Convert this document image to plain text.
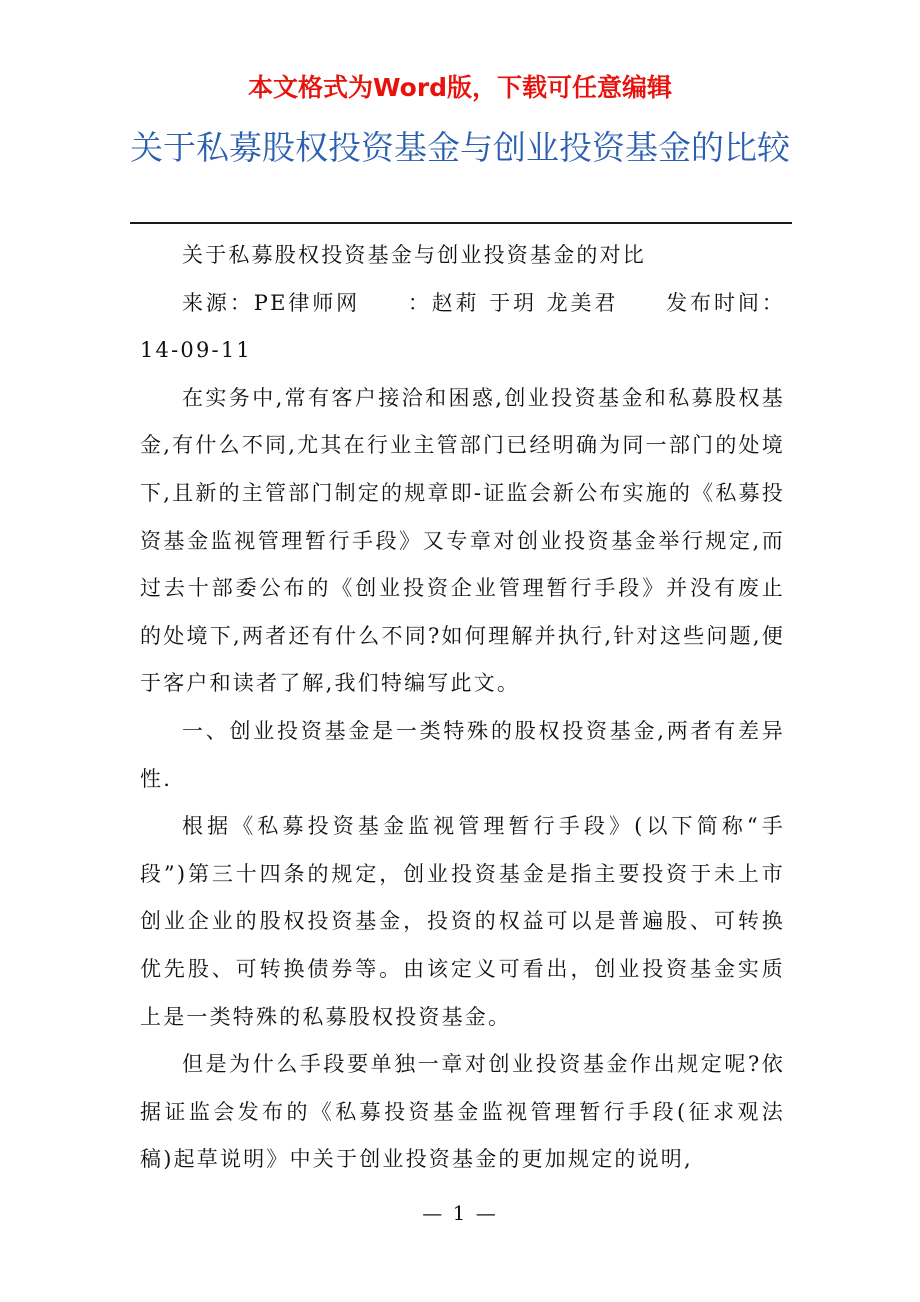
本文格式为Word版，下载可任意编辑
关于私募股权投资基金与创业投资基金的比较

关于私募股权投资基金与创业投资基金的对比

来源：PE律师网　　：赵莉 于玥 龙美君　　发布时间：14-09-11

在实务中,常有客户接洽和困惑,创业投资基金和私募股权基金,有什么不同,尤其在行业主管部门已经明确为同一部门的处境下,且新的主管部门制定的规章即-证监会新公布实施的《私募投资基金监视管理暂行手段》又专章对创业投资基金举行规定,而过去十部委公布的《创业投资企业管理暂行手段》并没有废止的处境下,两者还有什么不同?如何理解并执行,针对这些问题,便于客户和读者了解,我们特编写此文。

一、创业投资基金是一类特殊的股权投资基金,两者有差异性.

根据《私募投资基金监视管理暂行手段》(以下简称“手段”)第三十四条的规定，创业投资基金是指主要投资于未上市创业企业的股权投资基金，投资的权益可以是普遍股、可转换优先股、可转换债券等。由该定义可看出，创业投资基金实质上是一类特殊的私募股权投资基金。

但是为什么手段要单独一章对创业投资基金作出规定呢?依据证监会发布的《私募投资基金监视管理暂行手段(征求观法稿)起草说明》中关于创业投资基金的更加规定的说明,

— 1 —
